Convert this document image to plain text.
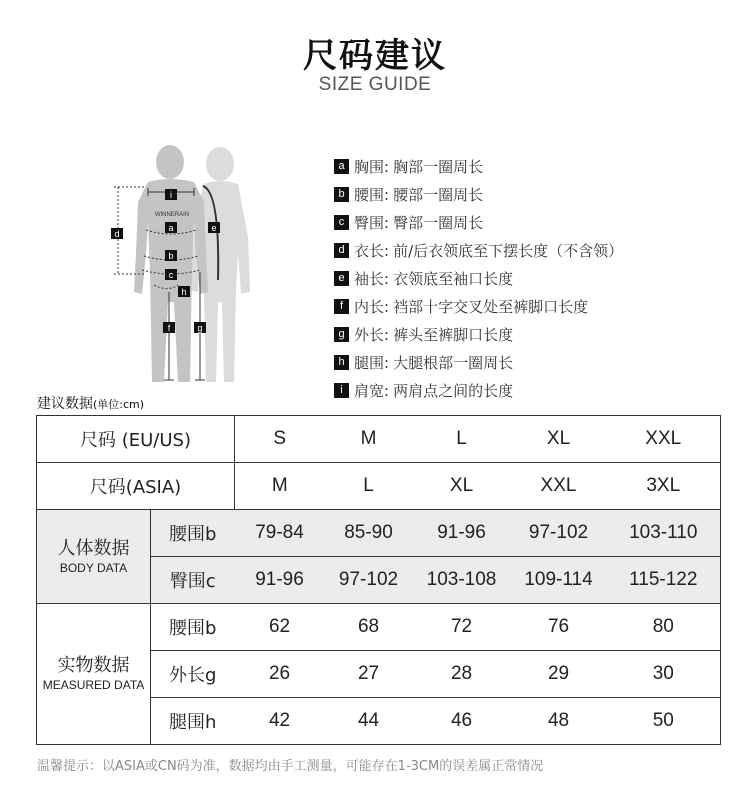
尺码建议
SIZE GUIDE
WINNERAIN
i
a
d
e
b
c
h
f	g
a 胸围: 胸部一圈周长
b 腰围: 腰部一圈周长
c 臀围: 臀部一圈周长
d 衣长: 前/后衣领底至下摆长度（不含领）
e 袖长: 衣领底至袖口长度
f 内长: 裆部十字交叉处至裤脚口长度
g 外长: 裤头至裤脚口长度
h 腿围: 大腿根部一圈周长
i 肩宽: 两肩点之间的长度
建议数据(单位:cm)
尺码 (EU/US)		S	M	L	XL	XXL
尺码(ASIA)		M	L	XL	XXL	3XL

人体数据
BODY DATA	腰围b	79-84	85-90	91-96	97-102	103-110
	臀围c	91-96	97-102	103-108	109-114	115-122

实物数据
MEASURED DATA	腰围b	62	68	72	76	80
	外长g	26	27	28	29	30
	腿围h	42	44	46	48	50
温馨提示：以ASIA或CN码为准，数据均由手工测量，可能存在1-3CM的误差属正常情况
